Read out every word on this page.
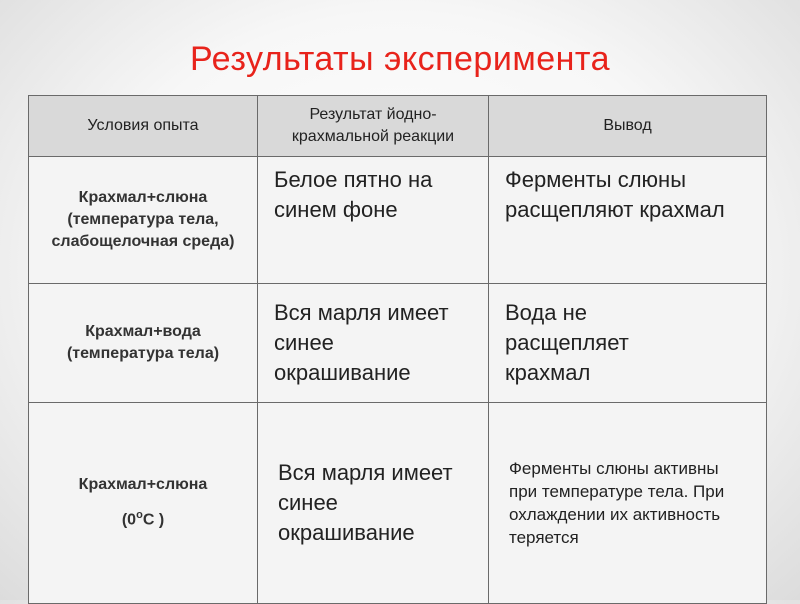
Результаты эксперимента
Условия опыта	Результат йодно-крахмальной реакции	Вывод

Крахмал+слюна (температура тела, слабощелочная среда)	Белое пятно на синем фоне	Ферменты слюны расщепляют крахмал

Крахмал+вода (температура тела)	Вся марля имеет синее окрашивание	Вода не расщепляет крахмал

Крахмал+слюна
($0^оС$ )	Вся марля имеет синее окрашивание	Ферменты слюны активны при температуре тела. При охлаждении их активность теряется
